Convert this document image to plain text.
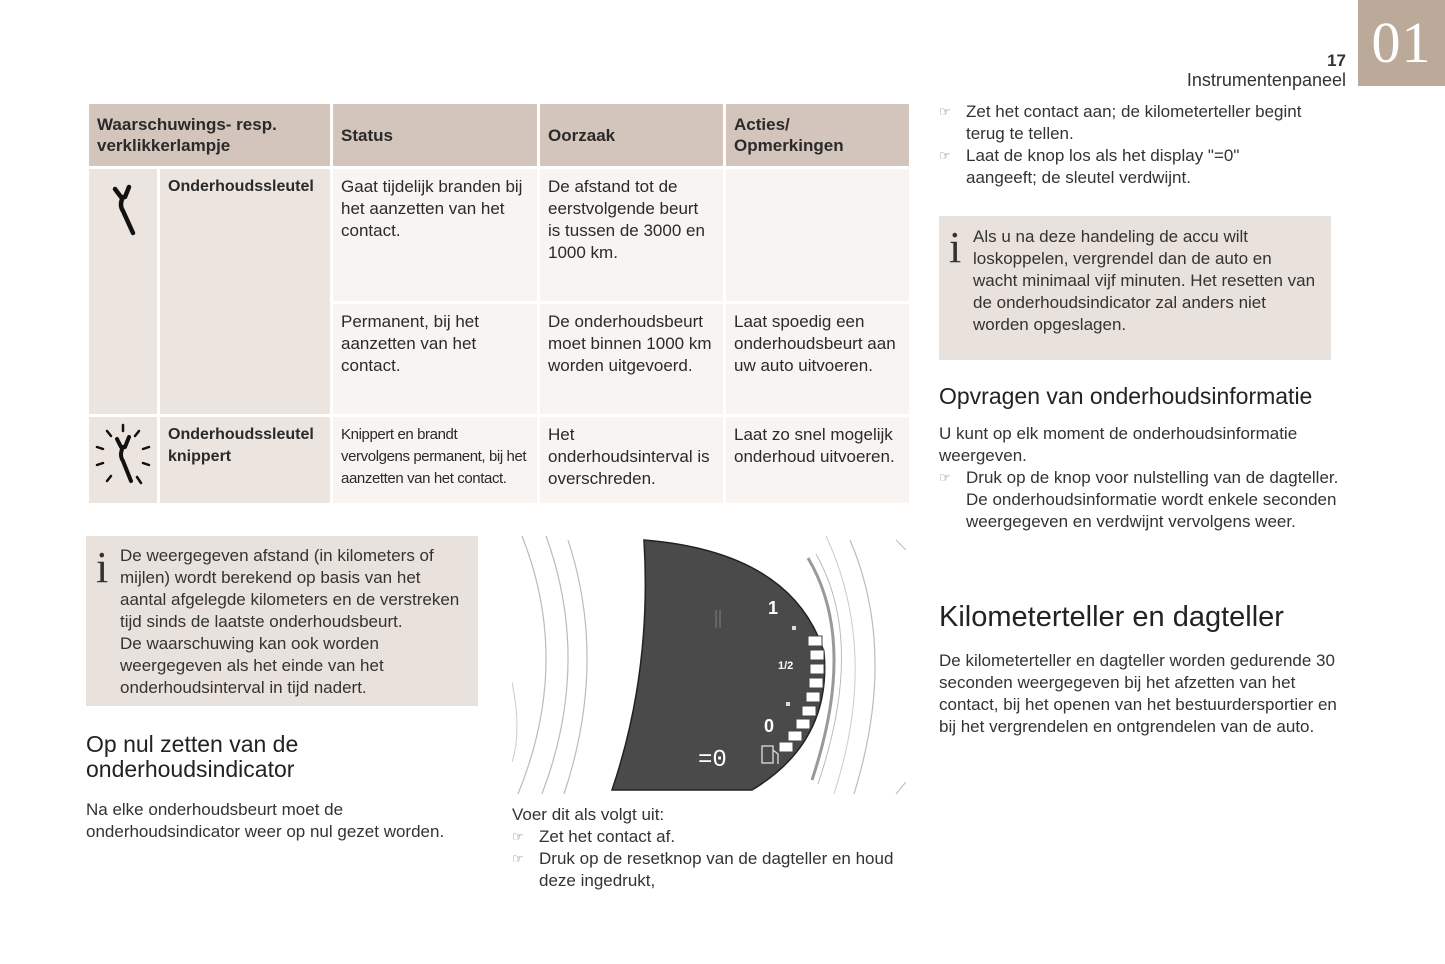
01
17
Instrumentenpaneel
Waarschuwings- resp. verklikkerlampje		Status	Oorzaak	Acties/ Opmerkingen
	Onderhoudssleutel	Gaat tijdelijk branden bij het aanzetten van het contact.	De afstand tot de eerstvolgende beurt is tussen de 3000 en 1000 km.	
		Permanent, bij het aanzetten van het contact.	De onderhoudsbeurt moet binnen 1000 km worden uitgevoerd.	Laat spoedig een onderhoudsbeurt aan uw auto uitvoeren.
	Onderhoudssleutel knippert	Knippert en brandt vervolgens permanent, bij het aanzetten van het contact.	Het onderhoudsinterval is overschreden.	Laat zo snel mogelijk onderhoud uitvoeren.
i De weergegeven afstand (in kilometers of mijlen) wordt berekend op basis van het aantal afgelegde kilometers en de verstreken tijd sinds de laatste onderhoudsbeurt.
De waarschuwing kan ook worden weergegeven als het einde van het onderhoudsinterval in tijd nadert.
Op nul zetten van de onderhoudsindicator
Na elke onderhoudsbeurt moet de onderhoudsindicator weer op nul gezet worden.
1
1/2
0
=0
Voer dit als volgt uit:
☞ Zet het contact af.
☞ Druk op de resetknop van de dagteller en houd deze ingedrukt,
☞ Zet het contact aan; de kilometerteller begint terug te tellen.
☞ Laat de knop los als het display "=0" aangeeft; de sleutel verdwijnt.
i Als u na deze handeling de accu wilt loskoppelen, vergrendel dan de auto en wacht minimaal vijf minuten. Het resetten van de onderhoudsindicator zal anders niet worden opgeslagen.
Opvragen van onderhoudsinformatie
U kunt op elk moment de onderhoudsinformatie weergeven.
☞ Druk op de knop voor nulstelling van de dagteller. De onderhoudsinformatie wordt enkele seconden weergegeven en verdwijnt vervolgens weer.
Kilometerteller en dagteller
De kilometerteller en dagteller worden gedurende 30 seconden weergegeven bij het afzetten van het contact, bij het openen van het bestuurdersportier en bij het vergrendelen en ontgrendelen van de auto.
